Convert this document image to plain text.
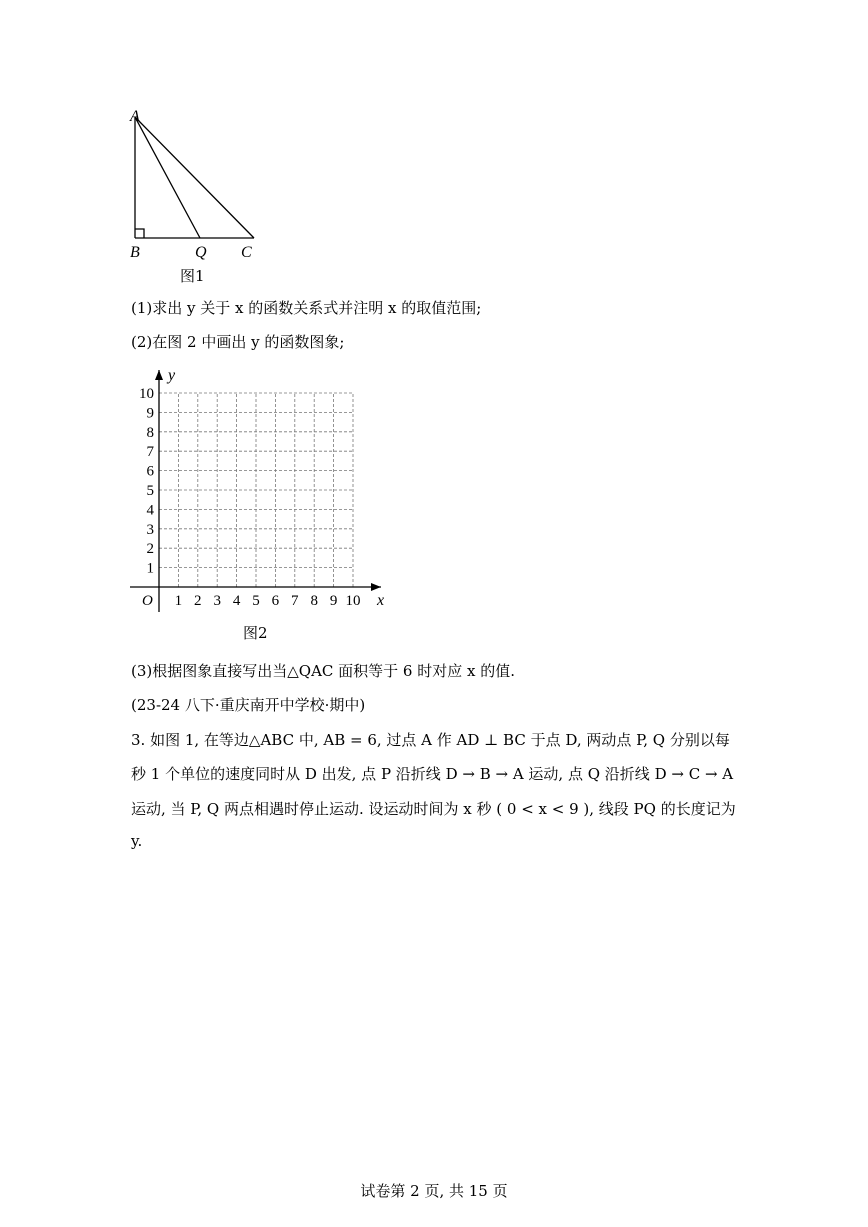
A
B	Q C
图1
(1)求出 y 关于 x 的函数关系式并注明 x 的取值范围;
(2)在图 2 中画出 y 的函数图象;
1 2 3 4 5 6 7 8 9 10
1
2
3
4
5
6
7
8
9
10
O	x
y
图2
(3)根据图象直接写出当△QAC 面积等于 6 时对应 x 的值.
(23-24 八下·重庆南开中学校·期中)
3. 如图 1, 在等边△ABC 中, AB = 6, 过点 A 作 AD ⊥ BC 于点 D, 两动点 P, Q 分别以每
秒 1 个单位的速度同时从 D 出发, 点 P 沿折线 D → B → A 运动, 点 Q 沿折线 D → C → A
运动, 当 P, Q 两点相遇时停止运动. 设运动时间为 x 秒 ( 0 < x < 9 ), 线段 PQ 的长度记为
y.
试卷第 2 页, 共 15 页
